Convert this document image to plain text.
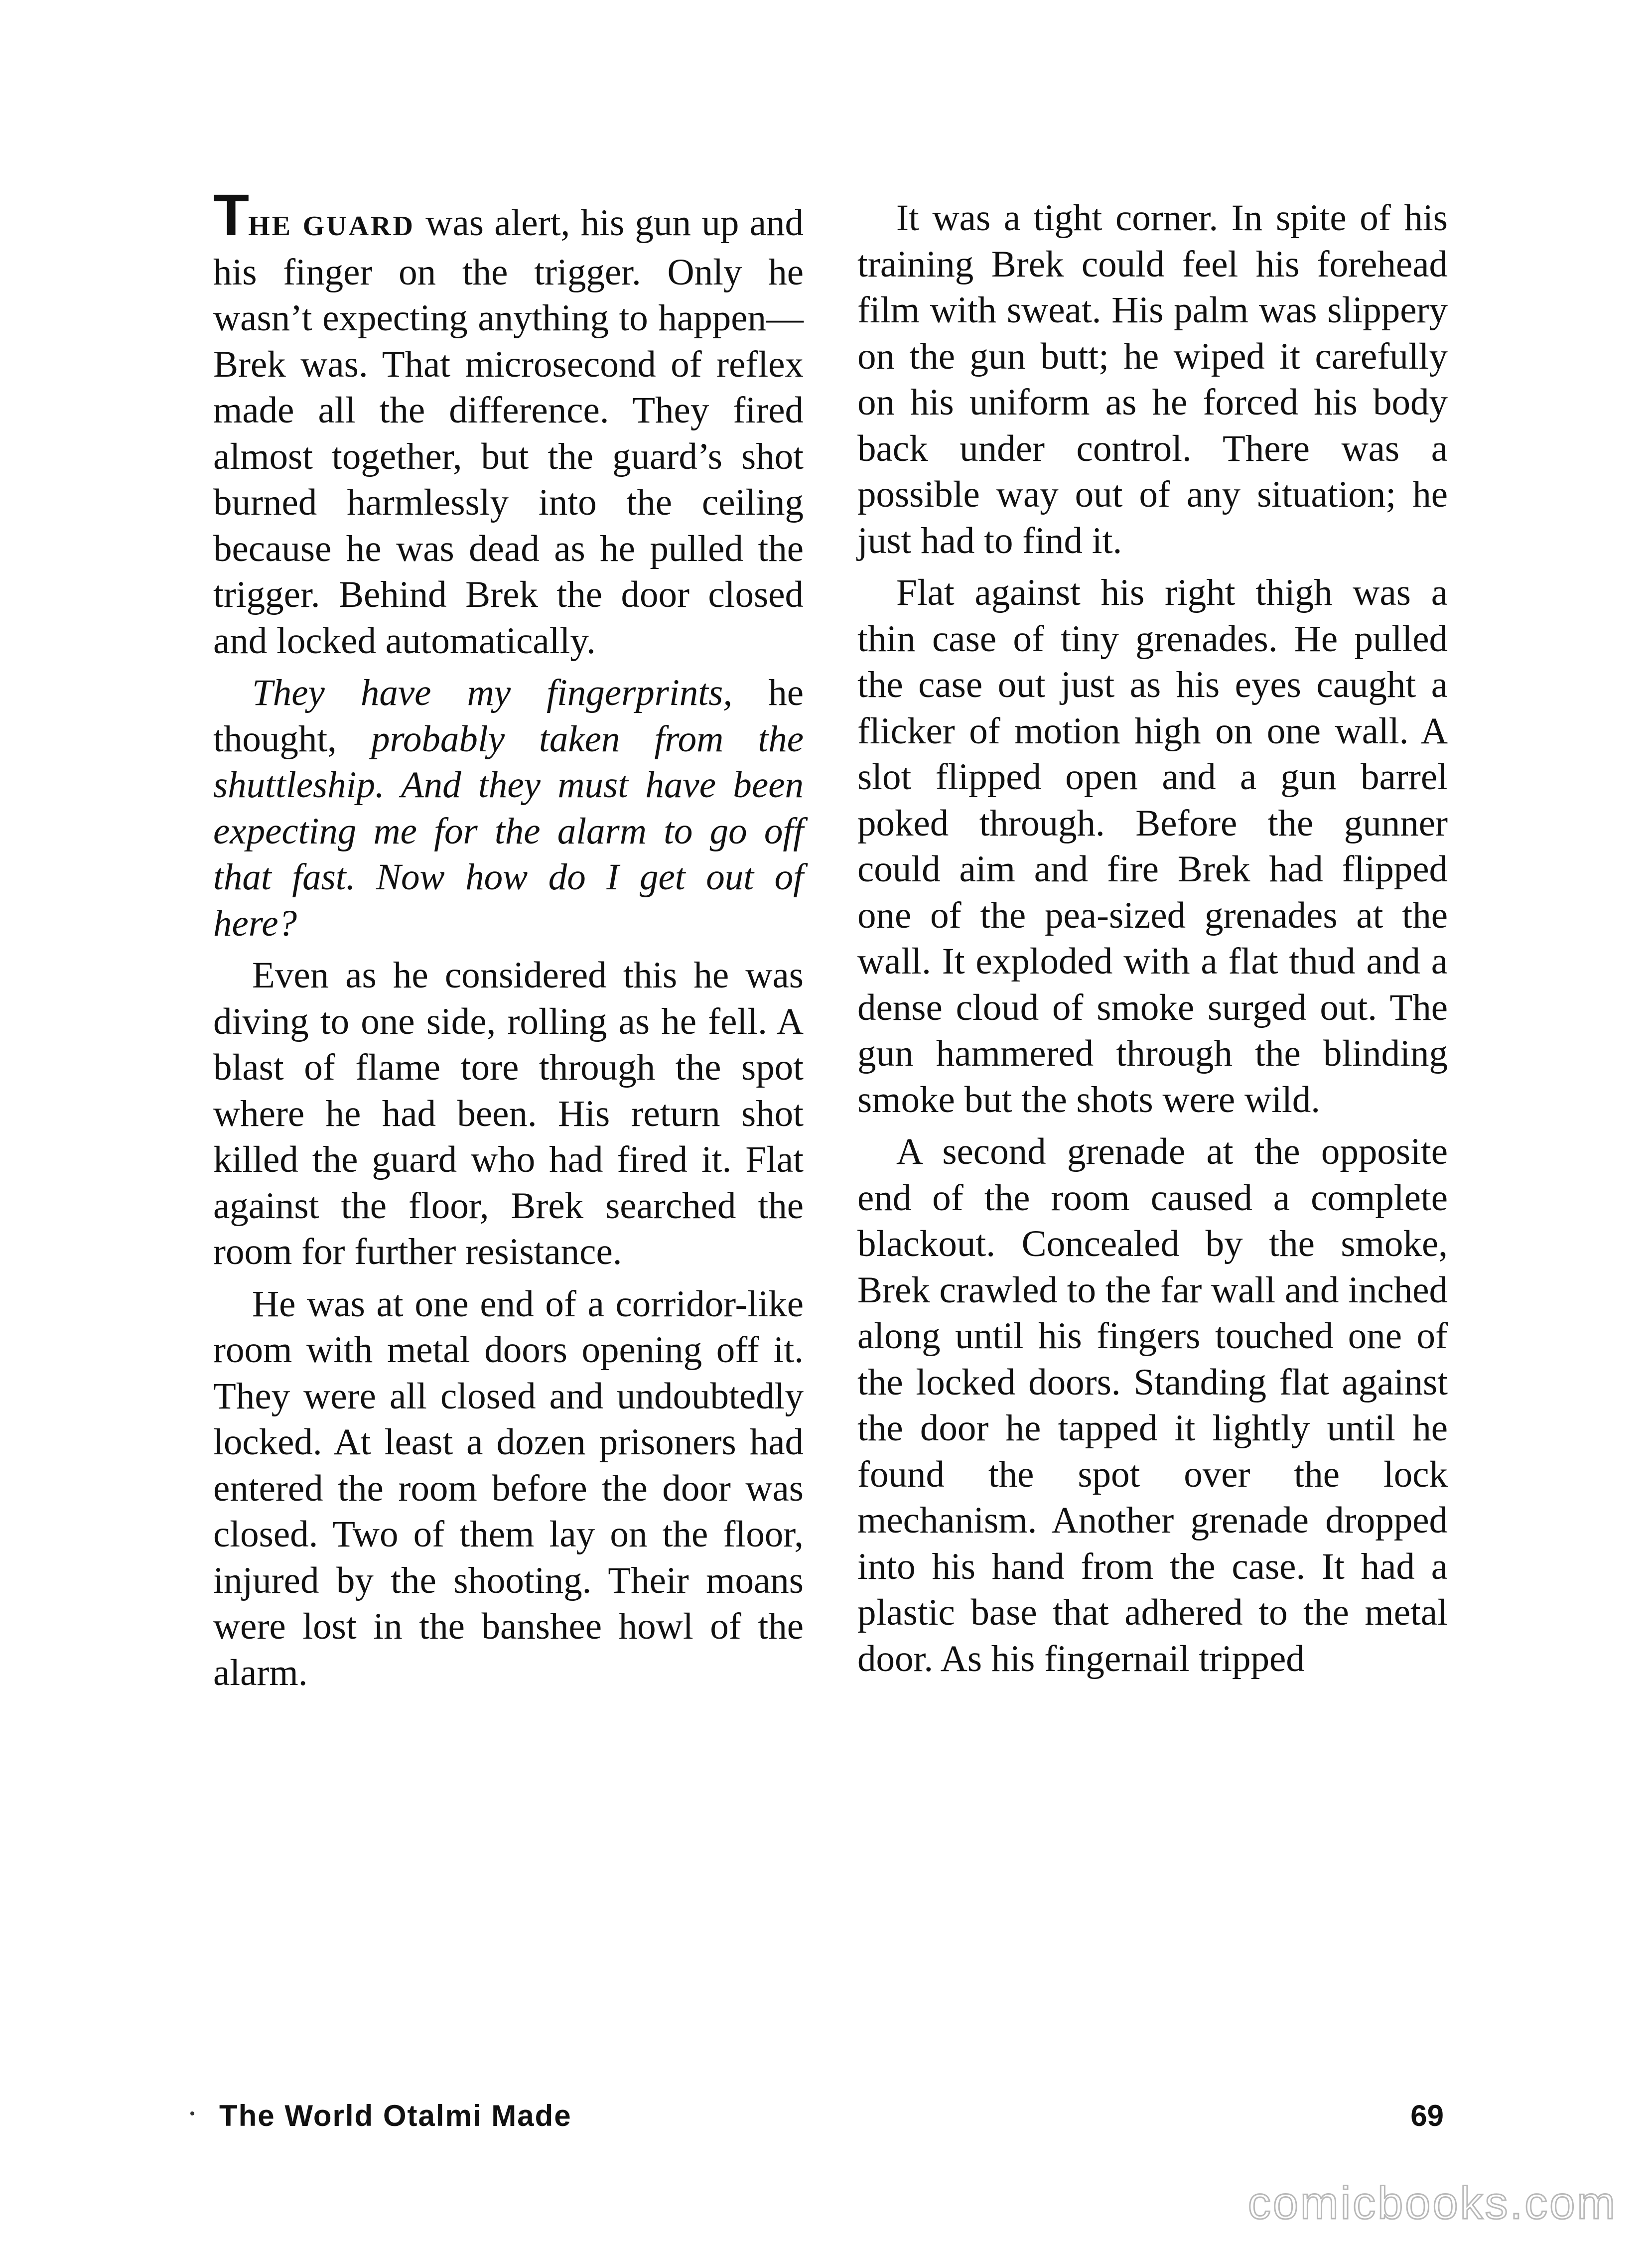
THE GUARD was alert, his gun up and his finger on the trigger. Only he wasn’t expecting anything to happen— Brek was. That microsecond of reflex made all the difference. They fired almost together, but the guard’s shot burned harmlessly into the ceiling because he was dead as he pulled the trigger. Behind Brek the door closed and locked automatically.

They have my fingerprints, he thought, probably taken from the shuttleship. And they must have been expecting me for the alarm to go off that fast. Now how do I get out of here?

Even as he considered this he was diving to one side, rolling as he fell. A blast of flame tore through the spot where he had been. His return shot killed the guard who had fired it. Flat against the floor, Brek searched the room for further resistance.

He was at one end of a corridor-like room with metal doors opening off it. They were all closed and undoubtedly locked. At least a dozen prisoners had entered the room before the door was closed. Two of them lay on the floor, injured by the shooting. Their moans were lost in the banshee howl of the alarm.

It was a tight corner. In spite of his training Brek could feel his forehead film with sweat. His palm was slippery on the gun butt; he wiped it carefully on his uniform as he forced his body back under control. There was a possible way out of any situation; he just had to find it.

Flat against his right thigh was a thin case of tiny grenades. He pulled the case out just as his eyes caught a flicker of motion high on one wall. A slot flipped open and a gun barrel poked through. Before the gunner could aim and fire Brek had flipped one of the pea-sized grenades at the wall. It exploded with a flat thud and a dense cloud of smoke surged out. The gun hammered through the blinding smoke but the shots were wild.

A second grenade at the opposite end of the room caused a complete blackout. Concealed by the smoke, Brek crawled to the far wall and inched along until his fingers touched one of the locked doors. Standing flat against the door he tapped it lightly until he found the spot over the lock mechanism. Another grenade dropped into his hand from the case. It had a plastic base that adhered to the metal door. As his fingernail tripped

The World Otalmi Made	69
comicbooks.com
